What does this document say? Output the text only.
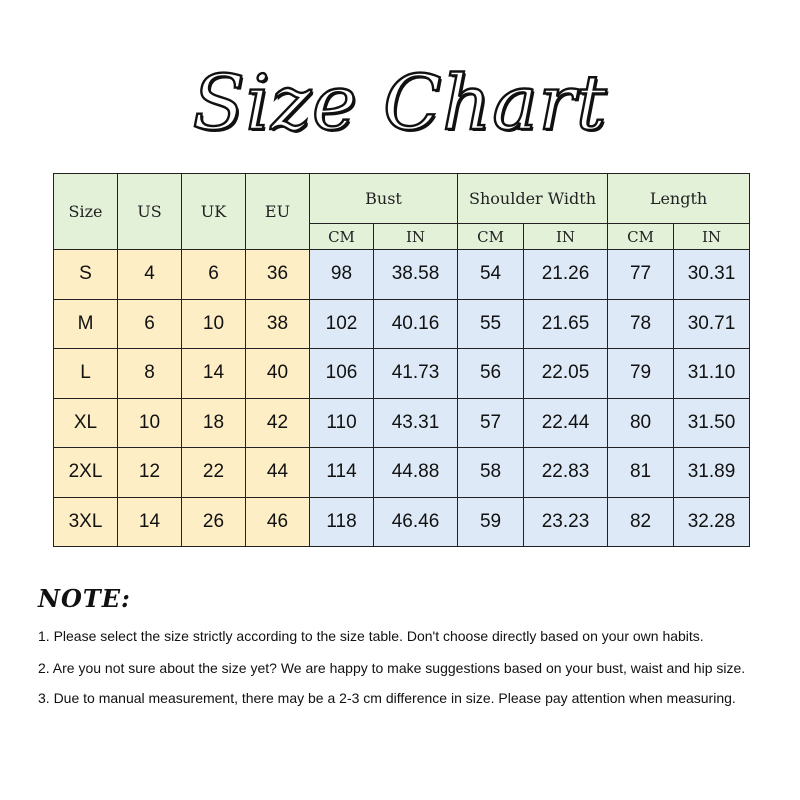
Size Chart
Size	US	UK	EU	Bust		Shoulder Width		Length	
				CM	IN	CM	IN	CM	IN
S	4	6	36	98	38.58	54	21.26	77	30.31
M	6	10	38	102	40.16	55	21.65	78	30.71
L	8	14	40	106	41.73	56	22.05	79	31.10
XL	10	18	42	110	43.31	57	22.44	80	31.50
2XL	12	22	44	114	44.88	58	22.83	81	31.89
3XL	14	26	46	118	46.46	59	23.23	82	32.28
NOTE:
1. Please select the size strictly according to the size table. Don't choose directly based on your own habits.
2. Are you not sure about the size yet? We are happy to make suggestions based on your bust, waist and hip size.
3. Due to manual measurement, there may be a 2-3 cm difference in size. Please pay attention when measuring.
